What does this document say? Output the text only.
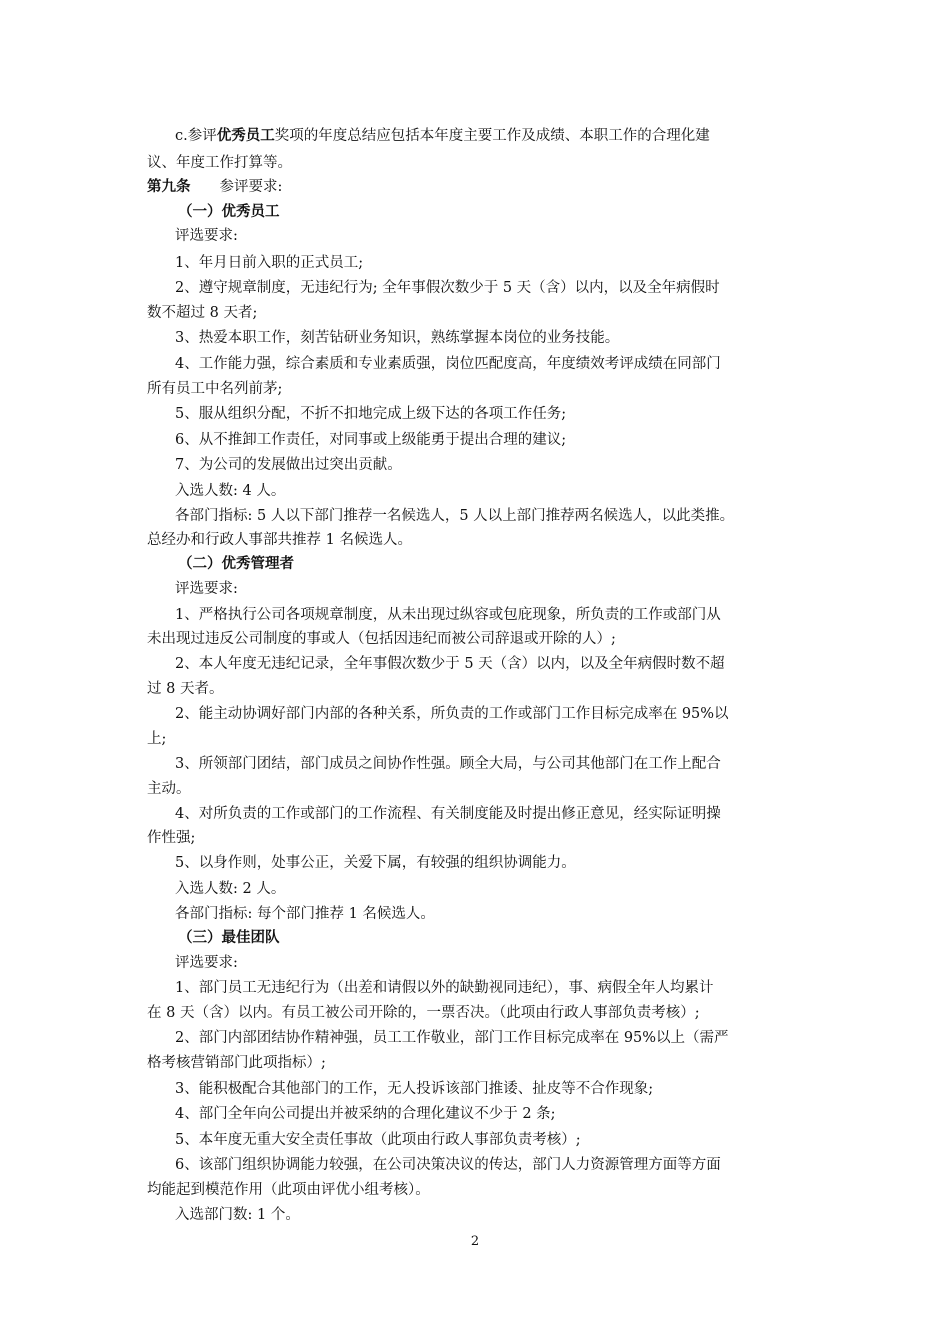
c.参评优秀员工奖项的年度总结应包括本年度主要工作及成绩、本职工作的合理化建
议、年度工作打算等。
第九条　　参评要求:
（一）优秀员工
评选要求:
1、年月日前入职的正式员工;
2、遵守规章制度，无违纪行为; 全年事假次数少于 5 天（含）以内，以及全年病假时
数不超过 8 天者;
3、热爱本职工作，刻苦钻研业务知识，熟练掌握本岗位的业务技能。
4、工作能力强，综合素质和专业素质强，岗位匹配度高，年度绩效考评成绩在同部门
所有员工中名列前茅;
5、服从组织分配，不折不扣地完成上级下达的各项工作任务;
6、从不推卸工作责任，对同事或上级能勇于提出合理的建议;
7、为公司的发展做出过突出贡献。
入选人数: 4 人。
各部门指标: 5 人以下部门推荐一名候选人，5 人以上部门推荐两名候选人，以此类推。
总经办和行政人事部共推荐 1 名候选人。
（二）优秀管理者
评选要求:
1、严格执行公司各项规章制度，从未出现过纵容或包庇现象，所负责的工作或部门从
未出现过违反公司制度的事或人（包括因违纪而被公司辞退或开除的人）;
2、本人年度无违纪记录，全年事假次数少于 5 天（含）以内，以及全年病假时数不超
过 8 天者。
2、能主动协调好部门内部的各种关系，所负责的工作或部门工作目标完成率在 95%以
上;
3、所领部门团结，部门成员之间协作性强。顾全大局，与公司其他部门在工作上配合
主动。
4、对所负责的工作或部门的工作流程、有关制度能及时提出修正意见，经实际证明操
作性强;
5、以身作则，处事公正，关爱下属，有较强的组织协调能力。
入选人数: 2 人。
各部门指标: 每个部门推荐 1 名候选人。
（三）最佳团队
评选要求:
1、部门员工无违纪行为（出差和请假以外的缺勤视同违纪），事、病假全年人均累计
在 8 天（含）以内。有员工被公司开除的，一票否决。（此项由行政人事部负责考核）;
2、部门内部团结协作精神强，员工工作敬业，部门工作目标完成率在 95%以上（需严
格考核营销部门此项指标）;
3、能积极配合其他部门的工作，无人投诉该部门推诿、扯皮等不合作现象;
4、部门全年向公司提出并被采纳的合理化建议不少于 2 条;
5、本年度无重大安全责任事故（此项由行政人事部负责考核）;
6、该部门组织协调能力较强，在公司决策决议的传达，部门人力资源管理方面等方面
均能起到模范作用（此项由评优小组考核）。
入选部门数: 1 个。
2
